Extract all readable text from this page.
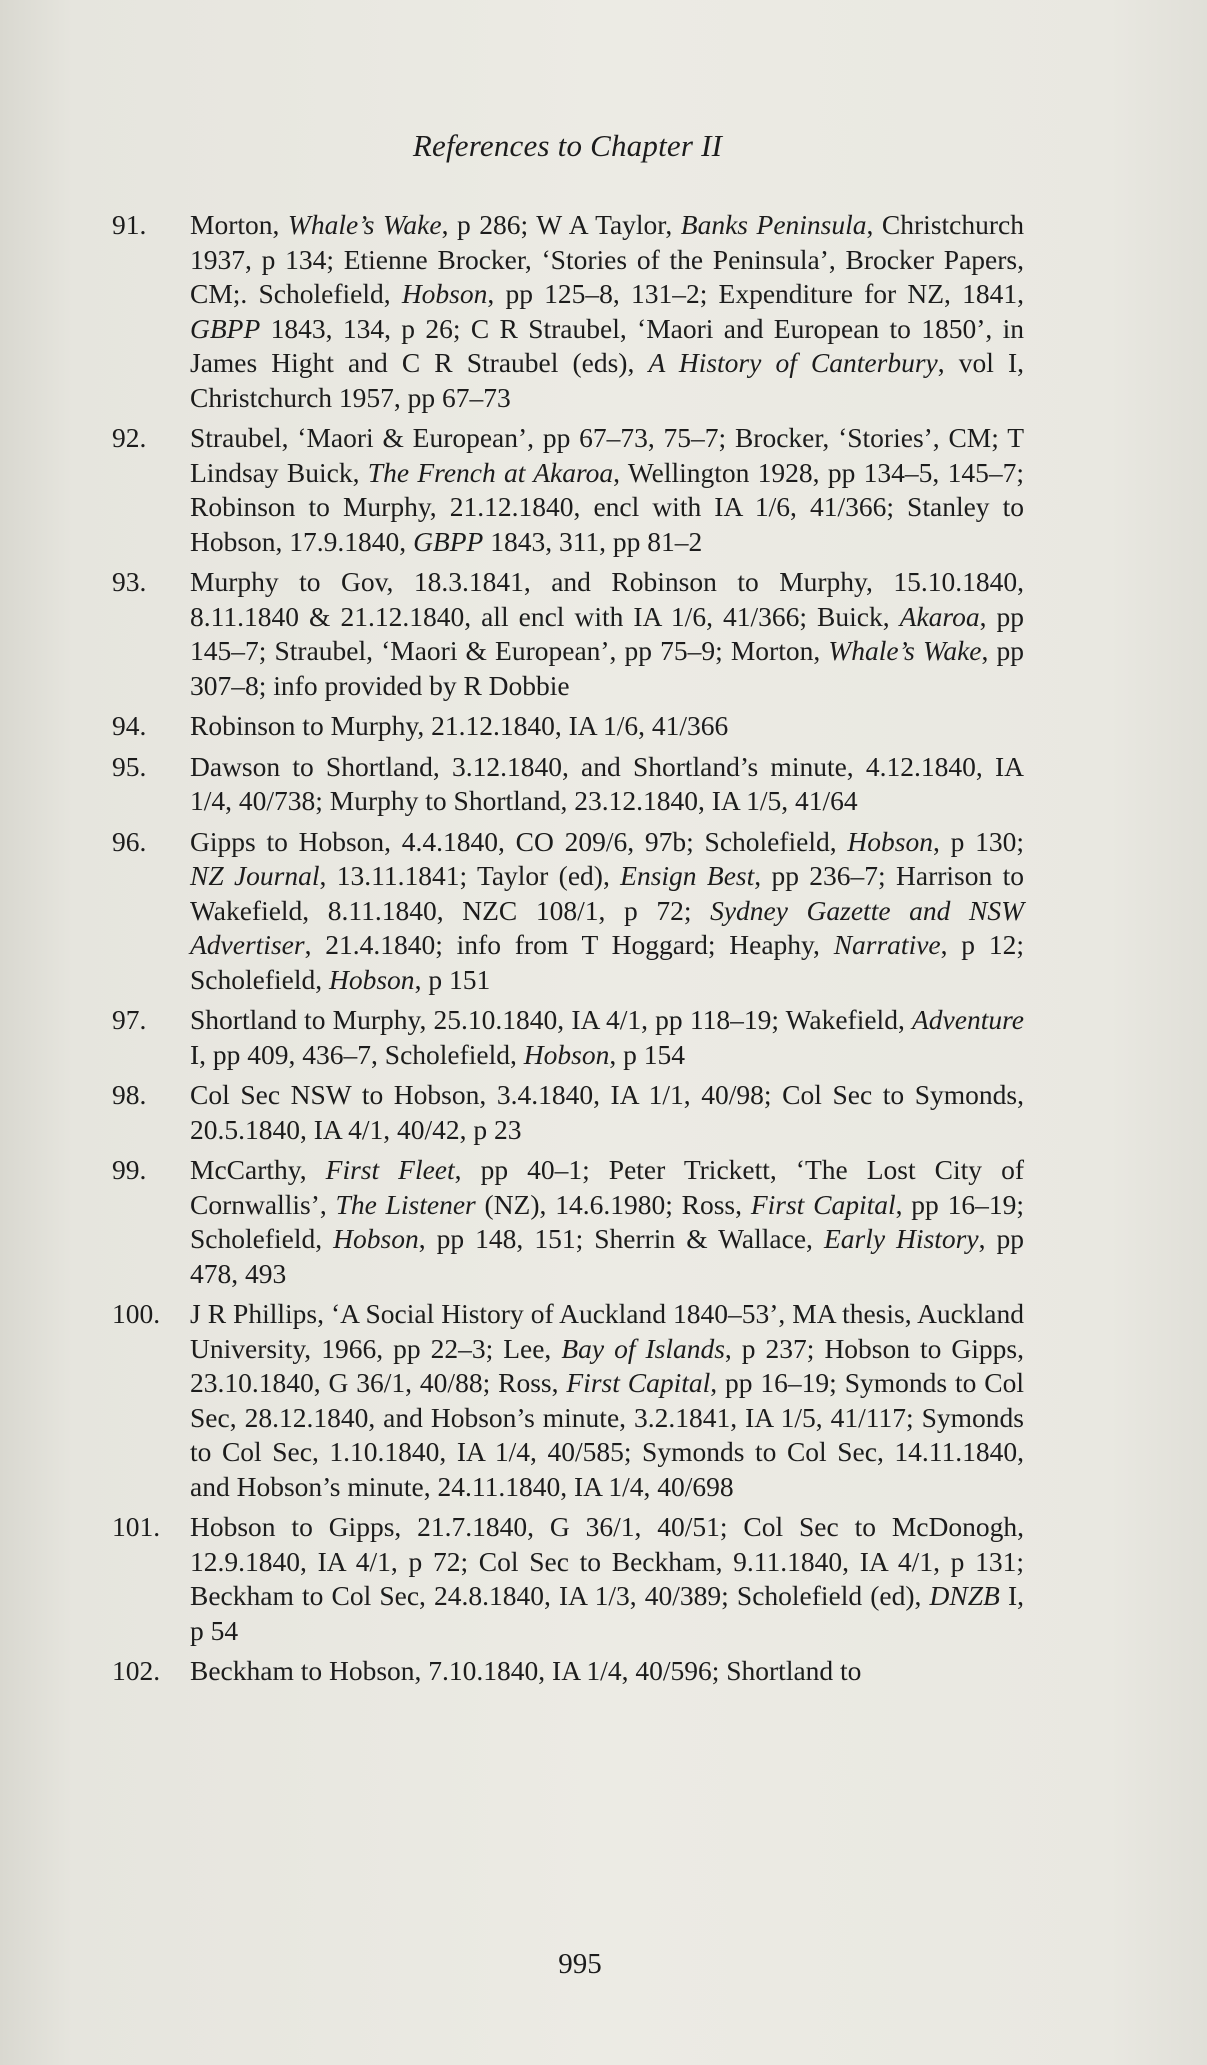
References to Chapter II
91.	Morton, Whale’s Wake, p 286; W A Taylor, Banks Peninsula, Christchurch 1937, p 134; Etienne Brocker, ‘Stories of the Peninsula’, Brocker Papers, CM;. Scholefield, Hobson, pp 125–8, 131–2; Expenditure for NZ, 1841, GBPP 1843, 134, p 26; C R Straubel, ‘Maori and European to 1850’, in James Hight and C R Straubel (eds), A History of Canterbury, vol I, Christchurch 1957, pp 67–73
92.	Straubel, ‘Maori & European’, pp 67–73, 75–7; Brocker, ‘Stories’, CM; T Lindsay Buick, The French at Akaroa, Wellington 1928, pp 134–5, 145–7; Robinson to Murphy, 21.12.1840, encl with IA 1/6, 41/366; Stanley to Hobson, 17.9.1840, GBPP 1843, 311, pp 81–2
93.	Murphy to Gov, 18.3.1841, and Robinson to Murphy, 15.10.1840, 8.11.1840 & 21.12.1840, all encl with IA 1/6, 41/366; Buick, Akaroa, pp 145–7; Straubel, ‘Maori & European’, pp 75–9; Morton, Whale’s Wake, pp 307–8; info provided by R Dobbie
94.	Robinson to Murphy, 21.12.1840, IA 1/6, 41/366
95.	Dawson to Shortland, 3.12.1840, and Shortland’s minute, 4.12.1840, IA 1/4, 40/738; Murphy to Shortland, 23.12.1840, IA 1/5, 41/64
96.	Gipps to Hobson, 4.4.1840, CO 209/6, 97b; Scholefield, Hobson, p 130; NZ Journal, 13.11.1841; Taylor (ed), Ensign Best, pp 236–7; Harrison to Wakefield, 8.11.1840, NZC 108/1, p 72; Sydney Gazette and NSW Advertiser, 21.4.1840; info from T Hoggard; Heaphy, Narrative, p 12; Scholefield, Hobson, p 151
97.	Shortland to Murphy, 25.10.1840, IA 4/1, pp 118–19; Wakefield, Adventure I, pp 409, 436–7, Scholefield, Hobson, p 154
98.	Col Sec NSW to Hobson, 3.4.1840, IA 1/1, 40/98; Col Sec to Symonds, 20.5.1840, IA 4/1, 40/42, p 23
99.	McCarthy, First Fleet, pp 40–1; Peter Trickett, ‘The Lost City of Cornwallis’, The Listener (NZ), 14.6.1980; Ross, First Capital, pp 16–19; Scholefield, Hobson, pp 148, 151; Sherrin & Wallace, Early History, pp 478, 493
100.	J R Phillips, ‘A Social History of Auckland 1840–53’, MA thesis, Auckland University, 1966, pp 22–3; Lee, Bay of Islands, p 237; Hobson to Gipps, 23.10.1840, G 36/1, 40/88; Ross, First Capital, pp 16–19; Symonds to Col Sec, 28.12.1840, and Hobson’s minute, 3.2.1841, IA 1/5, 41/117; Symonds to Col Sec, 1.10.1840, IA 1/4, 40/585; Symonds to Col Sec, 14.11.1840, and Hobson’s minute, 24.11.1840, IA 1/4, 40/698
101.	Hobson to Gipps, 21.7.1840, G 36/1, 40/51; Col Sec to McDonogh, 12.9.1840, IA 4/1, p 72; Col Sec to Beckham, 9.11.1840, IA 4/1, p 131; Beckham to Col Sec, 24.8.1840, IA 1/3, 40/389; Scholefield (ed), DNZB I, p 54
102.	Beckham to Hobson, 7.10.1840, IA 1/4, 40/596; Shortland to
995
